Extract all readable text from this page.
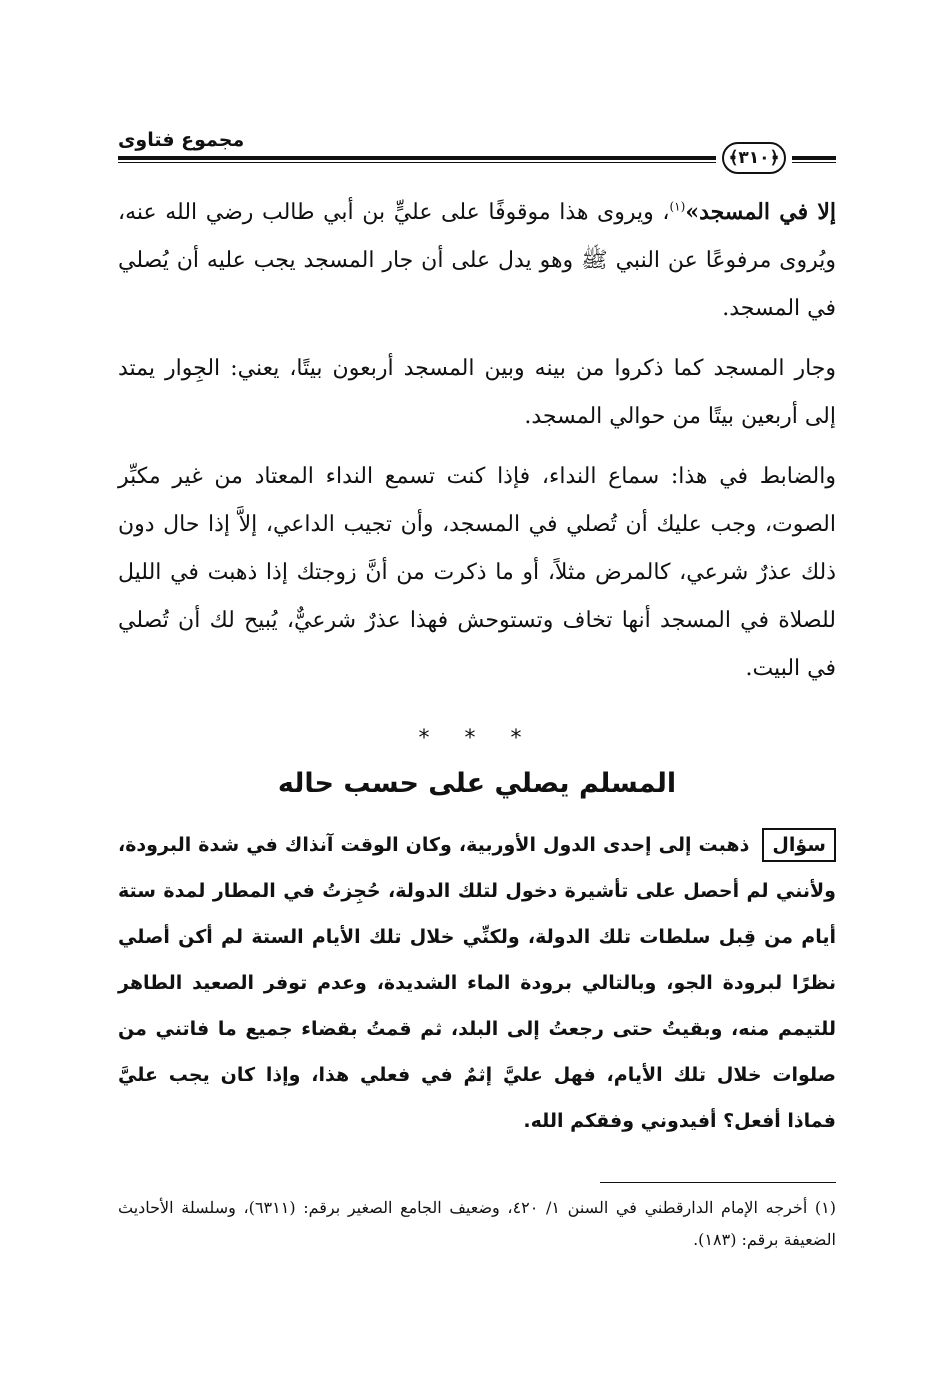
مجموع فتاوى
﴿٣١٠﴾

إلا في المسجد»$^{(١)}$، ويروى هذا موقوفًا على عليٍّ بن أبي طالب رضي الله عنه، ويُروى مرفوعًا عن النبي ﷺ وهو يدل على أن جار المسجد يجب عليه أن يُصلي في المسجد.

وجار المسجد كما ذكروا من بينه وبين المسجد أربعون بيتًا، يعني: الجِوار يمتد إلى أربعين بيتًا من حوالي المسجد.

والضابط في هذا: سماع النداء، فإذا كنت تسمع النداء المعتاد من غير مكبِّر الصوت، وجب عليك أن تُصلي في المسجد، وأن تجيب الداعي، إلاَّ إذا حال دون ذلك عذرٌ شرعي، كالمرض مثلاً، أو ما ذكرت من أنَّ زوجتك إذا ذهبت في الليل للصلاة في المسجد أنها تخاف وتستوحش فهذا عذرٌ شرعيٌّ، يُبيح لك أن تُصلي في البيت.

* * *
المسلم يصلي على حسب حاله
سؤال ذهبت إلى إحدى الدول الأوربية، وكان الوقت آنذاك في شدة البرودة، ولأنني لم أحصل على تأشيرة دخول لتلك الدولة، حُجِزتُ في المطار لمدة ستة أيام من قِبل سلطات تلك الدولة، ولكنِّي خلال تلك الأيام الستة لم أكن أصلي نظرًا لبرودة الجو، وبالتالي برودة الماء الشديدة، وعدم توفر الصعيد الطاهر للتيمم منه، وبقيتُ حتى رجعتُ إلى البلد، ثم قمتُ بقضاء جميع ما فاتني من صلوات خلال تلك الأيام، فهل عليَّ إثمٌ في فعلي هذا، وإذا كان يجب عليَّ فماذا أفعل؟ أفيدوني وفقكم الله.
(١) أخرجه الإمام الدارقطني في السنن ١/ ٤٢٠، وضعيف الجامع الصغير برقم: (٦٣١١)، وسلسلة الأحاديث الضعيفة برقم: (١٨٣).
